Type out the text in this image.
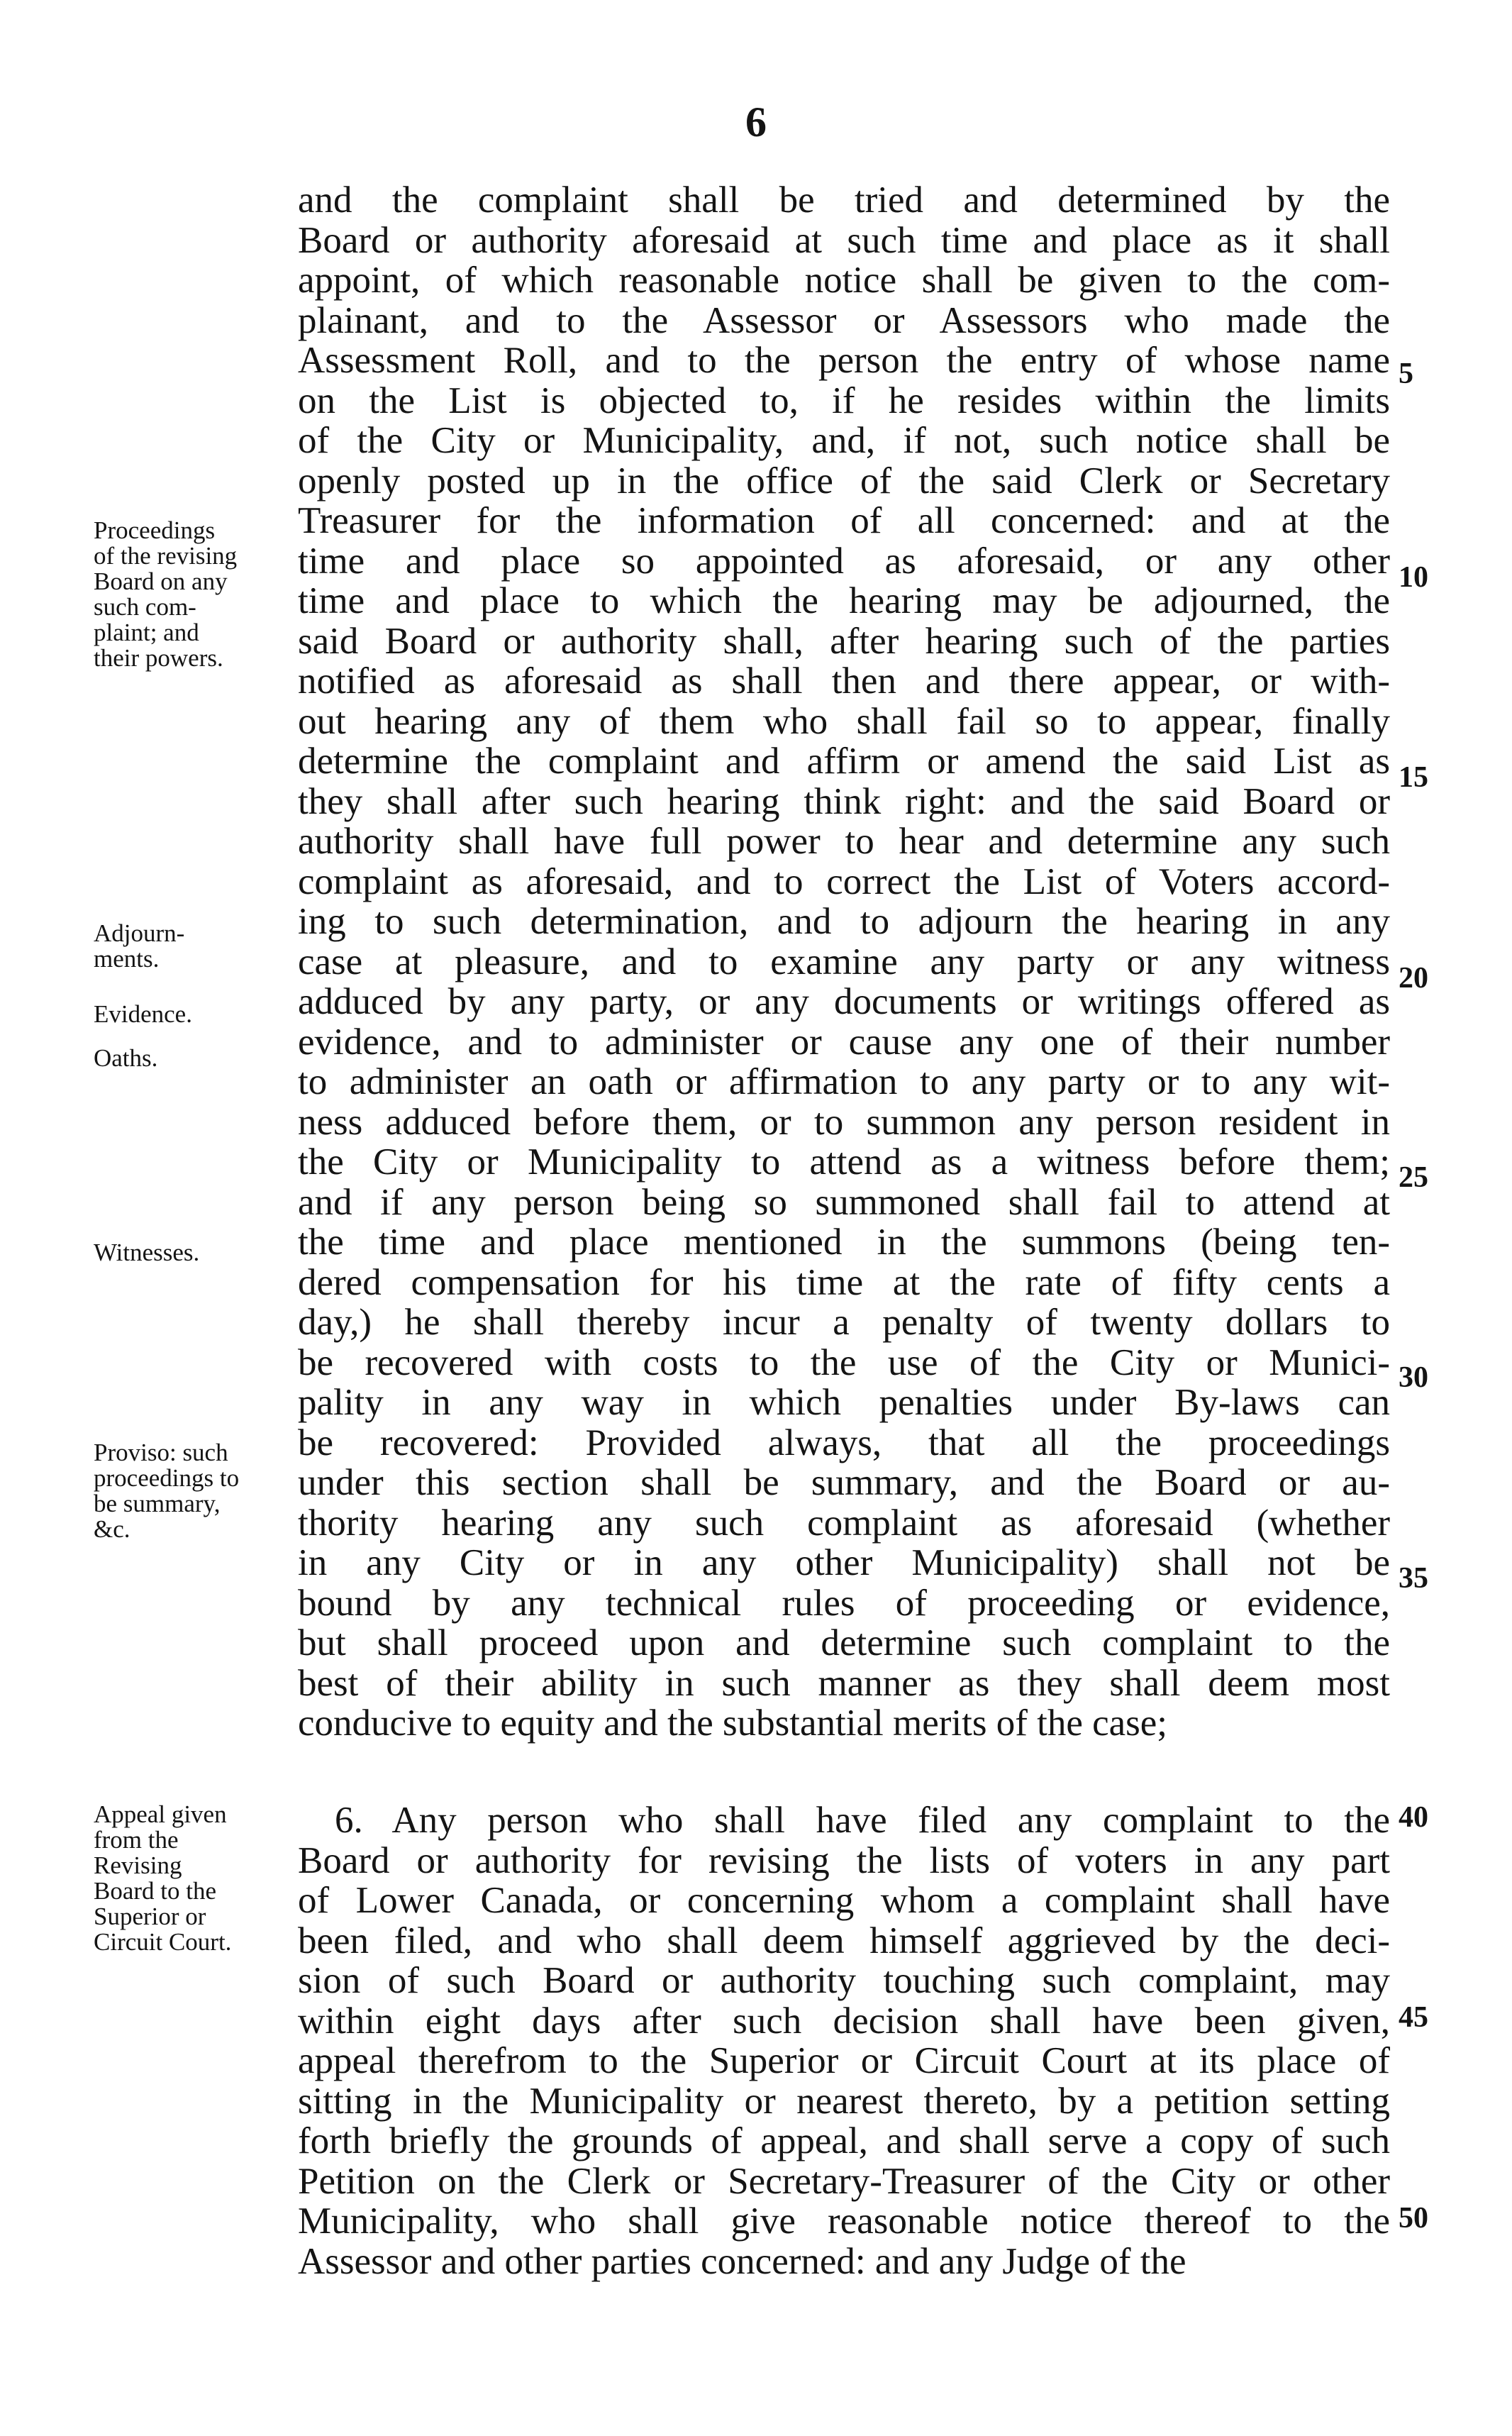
6
and the complaint shall be tried and determined by the
Board or authority aforesaid at such time and place as it shall
appoint, of which reasonable notice shall be given to the com-
plainant, and to the Assessor or Assessors who made the
Assessment Roll, and to the person the entry of whose name
on the List is objected to, if he resides within the limits
of the City or Municipality, and, if not, such notice shall be
openly posted up in the office of the said Clerk or Secretary
Treasurer for the information of all concerned: and at the
time and place so appointed as aforesaid, or any other
time and place to which the hearing may be adjourned, the
said Board or authority shall, after hearing such of the parties
notified as aforesaid as shall then and there appear, or with-
out hearing any of them who shall fail so to appear, finally
determine the complaint and affirm or amend the said List as
they shall after such hearing think right: and the said Board or
authority shall have full power to hear and determine any such
complaint as aforesaid, and to correct the List of Voters accord-
ing to such determination, and to adjourn the hearing in any
case at pleasure, and to examine any party or any witness
adduced by any party, or any documents or writings offered as
evidence, and to administer or cause any one of their number
to administer an oath or affirmation to any party or to any wit-
ness adduced before them, or to summon any person resident in
the City or Municipality to attend as a witness before them;
and if any person being so summoned shall fail to attend at
the time and place mentioned in the summons (being ten-
dered compensation for his time at the rate of fifty cents a
day,) he shall thereby incur a penalty of twenty dollars to
be recovered with costs to the use of the City or Munici-
pality in any way in which penalties under By-laws can
be recovered: Provided always, that all the proceedings
under this section shall be summary, and the Board or au-
thority hearing any such complaint as aforesaid (whether
in any City or in any other Municipality) shall not be
bound by any technical rules of proceeding or evidence,
but shall proceed upon and determine such complaint to the
best of their ability in such manner as they shall deem most
conducive to equity and the substantial merits of the case;
6. Any person who shall have filed any complaint to the
Board or authority for revising the lists of voters in any part
of Lower Canada, or concerning whom a complaint shall have
been filed, and who shall deem himself aggrieved by the deci-
sion of such Board or authority touching such complaint, may
within eight days after such decision shall have been given,
appeal therefrom to the Superior or Circuit Court at its place of
sitting in the Municipality or nearest thereto, by a petition setting
forth briefly the grounds of appeal, and shall serve a copy of such
Petition on the Clerk or Secretary-Treasurer of the City or other
Municipality, who shall give reasonable notice thereof to the
Assessor and other parties concerned: and any Judge of the
Proceedings
of the revising
Board on any
such com-
plaint; and
their powers.
Adjourn-
ments.
Evidence.
Oaths.
Witnesses.
Proviso: such
proceedings to
be summary,
&c.
Appeal given
from the
Revising
Board to the
Superior or
Circuit Court.
5
10
15
20
25
30
35
40
45
50
